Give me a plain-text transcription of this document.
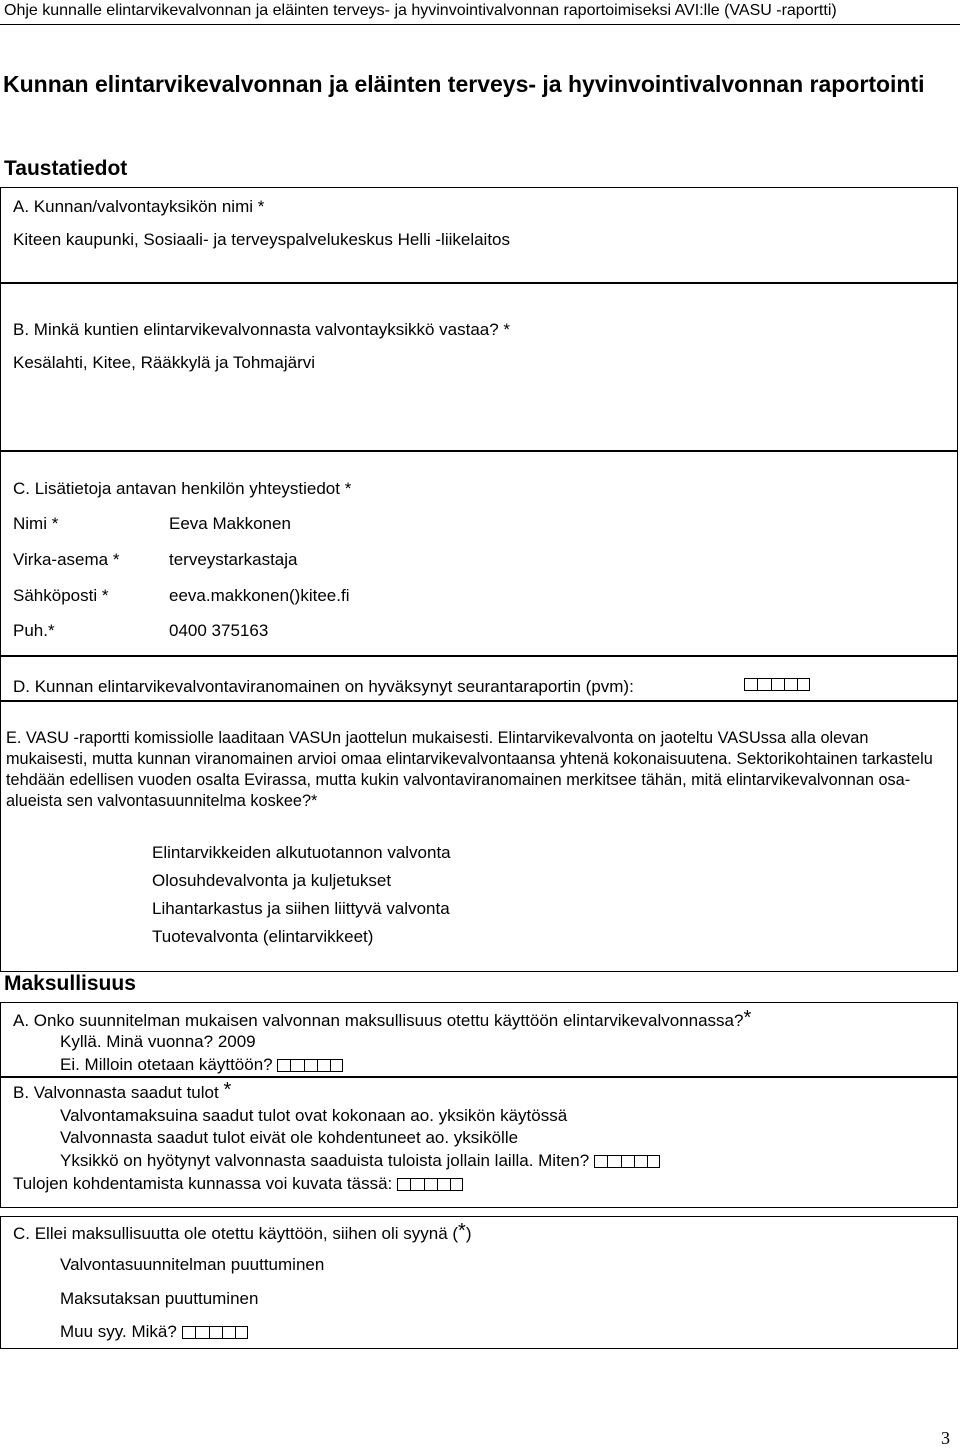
Ohje kunnalle elintarvikevalvonnan ja eläinten terveys- ja hyvinvointivalvonnan raportoimiseksi AVI:lle (VASU -raportti)
Kunnan elintarvikevalvonnan ja eläinten terveys- ja hyvinvointivalvonnan raportointi
Taustatiedot
A. Kunnan/valvontayksikön nimi *
Kiteen kaupunki, Sosiaali- ja terveyspalvelukeskus Helli -liikelaitos
B. Minkä kuntien elintarvikevalvonnasta valvontayksikkö vastaa? *
Kesälahti, Kitee, Rääkkylä ja Tohmajärvi
C. Lisätietoja antavan henkilön yhteystiedot *
Nimi *	Eeva Makkonen
Virka-asema *	terveystarkastaja
Sähköposti *	eeva.makkonen()kitee.fi
Puh.*	0400 375163
D. Kunnan elintarvikevalvontaviranomainen on hyväksynyt seurantaraportin (pvm):
E. VASU -raportti komissiolle laaditaan VASUn jaottelun mukaisesti. Elintarvikevalvonta on jaoteltu VASUssa alla olevan mukaisesti, mutta kunnan viranomainen arvioi omaa elintarvikevalvontaansa yhtenä kokonaisuutena. Sektorikohtainen tarkastelu tehdään edellisen vuoden osalta Evirassa, mutta kukin valvontaviranomainen merkitsee tähän, mitä elintarvikevalvonnan osa-alueista sen valvontasuunnitelma koskee?*
Elintarvikkeiden alkutuotannon valvonta
Olosuhdevalvonta ja kuljetukset
Lihantarkastus ja siihen liittyvä valvonta
Tuotevalvonta (elintarvikkeet)
Maksullisuus
A. Onko suunnitelman mukaisen valvonnan maksullisuus otettu käyttöön elintarvikevalvonnassa?*
Kyllä. Minä vuonna? 2009
Ei. Milloin otetaan käyttöön?
B. Valvonnasta saadut tulot *
Valvontamaksuina saadut tulot ovat kokonaan ao. yksikön käytössä
Valvonnasta saadut tulot eivät ole kohdentuneet ao. yksikölle
Yksikkö on hyötynyt valvonnasta saaduista tuloista jollain lailla. Miten?
Tulojen kohdentamista kunnassa voi kuvata tässä:
C. Ellei maksullisuutta ole otettu käyttöön, siihen oli syynä (*)
Valvontasuunnitelman puuttuminen
Maksutaksan puuttuminen
Muu syy. Mikä?
3
